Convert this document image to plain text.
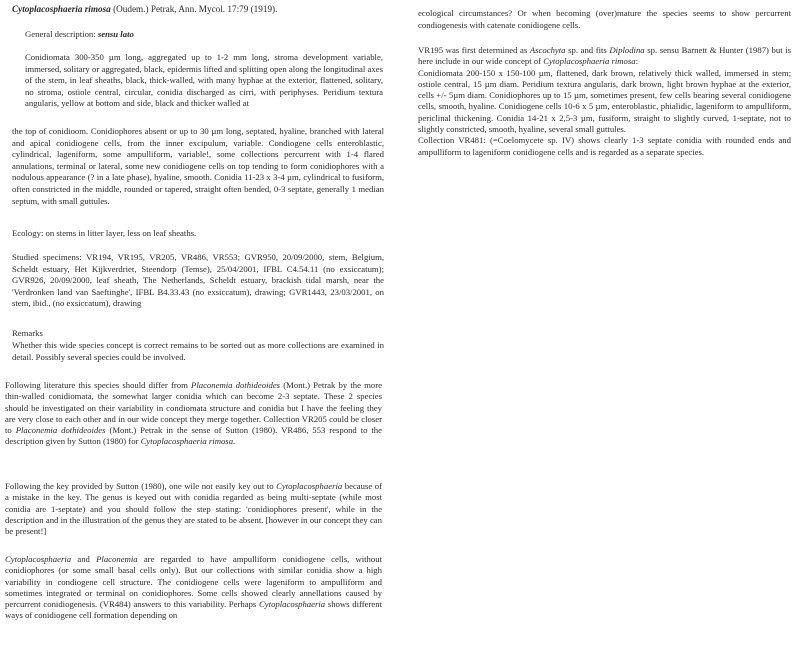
Cytoplacosphaeria rimosa (Oudem.) Petrak, Ann. Mycol. 17:79 (1919).
General description: sensu lato

Conidiomata 300-350 µm long, aggregated up to 1-2 mm long, stroma development variable, immersed, solitary or aggregated, black, epidermis lifted and splitting open along the longitudinal axes of the stem, in leaf sheaths, black, thick-walled, with many hyphae at the exterior, flattened, solitary, no stroma, ostiole central, circular, conidia discharged as cirri, with periphyses. Peridium textura angularis, yellow at bottom and side, black and thicker walled at

the top of conidioom. Conidiophores absent or up to 30 µm long, septated, hyaline, branched with lateral and apical conidiogene cells, from the inner excipulum, variable. Condiogene cells enteroblastic, cylindrical, lageniform, some ampulliform, variable!, some collections percurrent with 1-4 flared annulations, terminal or lateral, some new conidiogene cells on top tending to form conidiophores with a nodulous appearance (? in a late phase), hyaline, smooth. Conidia 11-23 x 3-4 µm, cylindrical to fusiform, often constricted in the middle, rounded or tapered, straight often bended, 0-3 septate, generally 1 median septum, with small guttules.

Ecology: on stems in litter layer, less on leaf sheaths.

Studied specimens: VR194, VR195, VR205, VR486, VR553; GVR950, 20/09/2000, stem, Belgium, Scheldt estuary, Het Kijkverdriet, Steendorp (Temse), 25/04/2001, IFBL C4.54.11 (no exsiccatum); GVR926, 20/09/2000, leaf sheath, The Netherlands, Scheldt estuary, brackish tidal marsh, near the 'Verdronken land van Saeftinghe', IFBL B4.33.43 (no exsiccatum), drawing; GVR1443, 23/03/2001, on stem, ibid., (no exsiccatum), drawing

Remarks

Whether this wide species concept is correct remains to be sorted out as more collections are examined in detail. Possibly several species could be involved.

Following literature this species should differ from Placonemia dothideoides (Mont.) Petrak by the more thin-walled conidiomata, the somewhat larger conidia which can become 2-3 septate. These 2 species should be investigated on their variability in condiomata structure and conidia but I have the feeling they are very close to each other and in our wide concept they merge together. Collection VR205 could be closer to Placonemia dothideoides (Mont.) Petrak in the sense of Sutton (1980). VR486, 553 respond to the description given by Sutton (1980) for Cytoplacosphaeria rimosa.

Following the key provided by Sutton (1980), one wile not easily key out to Cytoplacosphaeria because of a mistake in the key. The genus is keyed out with conidia regarded as being multi-septate (while most conidia are 1-septate) and you should follow the step stating: 'conidiophores present', while in the description and in the illustration of the genus they are stated to be absent. [however in our concept they can be present!]

Cytoplacosphaeria and Placonemia are regarded to have ampulliform conidiogene cells, without conidiophores (or some small basal cells only). But our collections with similar conidia show a high variability in condiogene cell structure. The conidiogene cells were lageniform to ampulliform and sometimes integrated or terminal on conidiophores. Some cells showed clearly annellations caused by percurrent conidiogenesis. (VR484) answers to this variability. Perhaps Cytoplacosphaeria shows different ways of conidiogene cell formation depending on

ecological circumstances? Or when becoming (over)mature the species seems to show percurrent condiogenesis with catenate conidiogene cells.

VR195 was first determined as Ascochyta sp. and fits Diplodina sp. sensu Barnett & Hunter (1987) but is here include in our wide concept of Cytoplacosphaeria rimosa:
Conidiomata 200-150 x 150-100 µm, flattened, dark brown, relatively thick walled, immersed in stem; ostiole central, 15 µm diam. Peridium textura angularis, dark brown, light brown hyphae at the exterior, cells +/- 5µm diam. Conidiophores up to 15 µm, sometimes present, few cells bearing several conidiogene cells, smooth, hyaline. Conidiogene cells 10-6 x 5 µm, enteroblastic, phialidic, lageniform to ampulliform, periclinal thickening. Conidia 14-21 x 2,5-3 µm, fusiform, straight to slightly curved, 1-septate, not to slightly constricted, smooth, hyaline, several small guttules.
Collection VR481: (=Coelomycete sp. IV) shows clearly 1-3 septate conidia with rounded ends and ampulliform to lageniform conidiogene cells and is regarded as a separate species.
